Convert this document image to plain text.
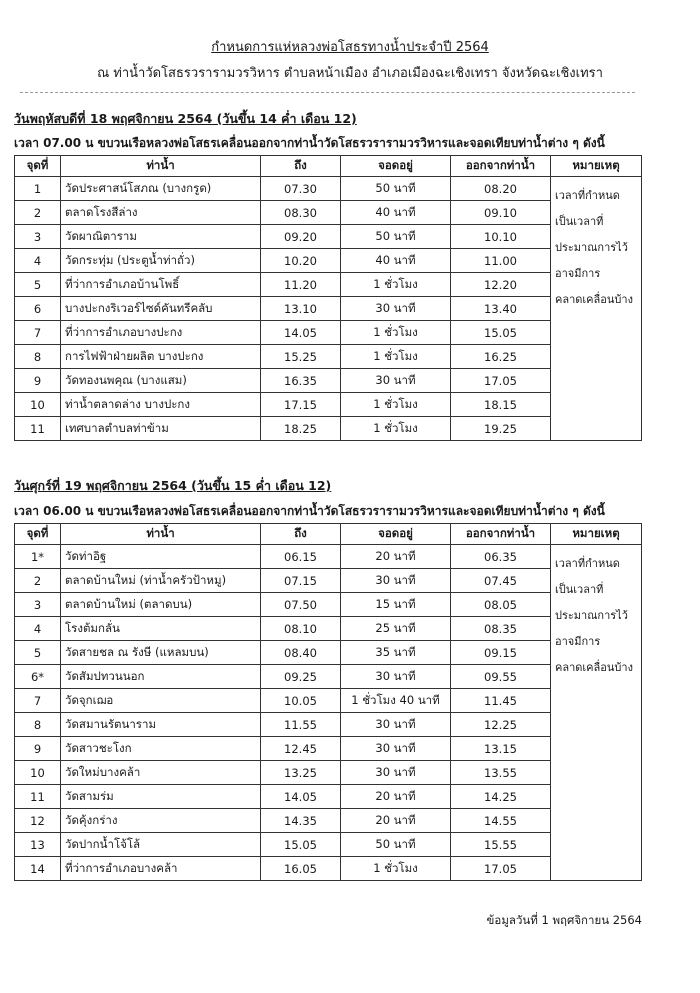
กำหนดการแห่หลวงพ่อโสธรทางน้ำประจำปี 2564
ณ ท่าน้ำวัดโสธรวรารามวรวิหาร ตำบลหน้าเมือง อำเภอเมืองฉะเชิงเทรา จังหวัดฉะเชิงเทรา
วันพฤหัสบดีที่ 18 พฤศจิกายน 2564 (วันขึ้น 14 ค่ำ เดือน 12)
เวลา 07.00 น ขบวนเรือหลวงพ่อโสธรเคลื่อนออกจากท่าน้ำวัดโสธรวรารามวรวิหารและจอดเทียบท่าน้ำต่าง ๆ ดังนี้
จุดที่	ท่าน้ำ	ถึง	จอดอยู่	ออกจากท่าน้ำ	หมายเหตุ
1	วัดประศาสน์โสภณ (บางกรูด)	07.30	50 นาที	08.20	เวลาที่กำหนด
เป็นเวลาที่
ประมาณการไว้
อาจมีการ
คลาดเคลื่อนบ้าง

2	ตลาดโรงสีล่าง	08.30	40 นาที	09.10	
3	วัดผาณิตาราม	09.20	50 นาที	10.10	
4	วัดกระทุ่ม (ประตูน้ำท่าถั่ว)	10.20	40 นาที	11.00	
5	ที่ว่าการอำเภอบ้านโพธิ์	11.20	1 ชั่วโมง	12.20	
6	บางปะกงริเวอร์ไซด์คันทรีคลับ	13.10	30 นาที	13.40	
7	ที่ว่าการอำเภอบางปะกง	14.05	1 ชั่วโมง	15.05	
8	การไฟฟ้าฝ่ายผลิต บางปะกง	15.25	1 ชั่วโมง	16.25	
9	วัดทองนพคุณ (บางแสม)	16.35	30 นาที	17.05	
10	ท่าน้ำตลาดล่าง บางปะกง	17.15	1 ชั่วโมง	18.15	
11	เทศบาลตำบลท่าข้าม	18.25	1 ชั่วโมง	19.25	
วันศุกร์ที่ 19 พฤศจิกายน 2564 (วันขึ้น 15 ค่ำ เดือน 12)
เวลา 06.00 น ขบวนเรือหลวงพ่อโสธรเคลื่อนออกจากท่าน้ำวัดโสธรวรารามวรวิหารและจอดเทียบท่าน้ำต่าง ๆ ดังนี้
จุดที่	ท่าน้ำ	ถึง	จอดอยู่	ออกจากท่าน้ำ	หมายเหตุ
1*	วัดท่าอิฐ	06.15	20 นาที	06.35	เวลาที่กำหนด
เป็นเวลาที่
ประมาณการไว้
อาจมีการ
คลาดเคลื่อนบ้าง

2	ตลาดบ้านใหม่ (ท่าน้ำครัวป้าหมู)	07.15	30 นาที	07.45	
3	ตลาดบ้านใหม่ (ตลาดบน)	07.50	15 นาที	08.05	
4	โรงต้มกลั่น	08.10	25 นาที	08.35	
5	วัดสายชล ณ รังษี (แหลมบน)	08.40	35 นาที	09.15	
6*	วัดสัมปทวนนอก	09.25	30 นาที	09.55	
7	วัดจุกเฌอ	10.05	1 ชั่วโมง 40 นาที	11.45	
8	วัดสมานรัตนาราม	11.55	30 นาที	12.25	
9	วัดสาวชะโงก	12.45	30 นาที	13.15	
10	วัดใหม่บางคล้า	13.25	30 นาที	13.55	
11	วัดสามร่ม	14.05	20 นาที	14.25	
12	วัดคุ้งกร่าง	14.35	20 นาที	14.55	
13	วัดปากน้ำโจ้โล้	15.05	50 นาที	15.55	
14	ที่ว่าการอำเภอบางคล้า	16.05	1 ชั่วโมง	17.05	
ข้อมูลวันที่ 1 พฤศจิกายน 2564
